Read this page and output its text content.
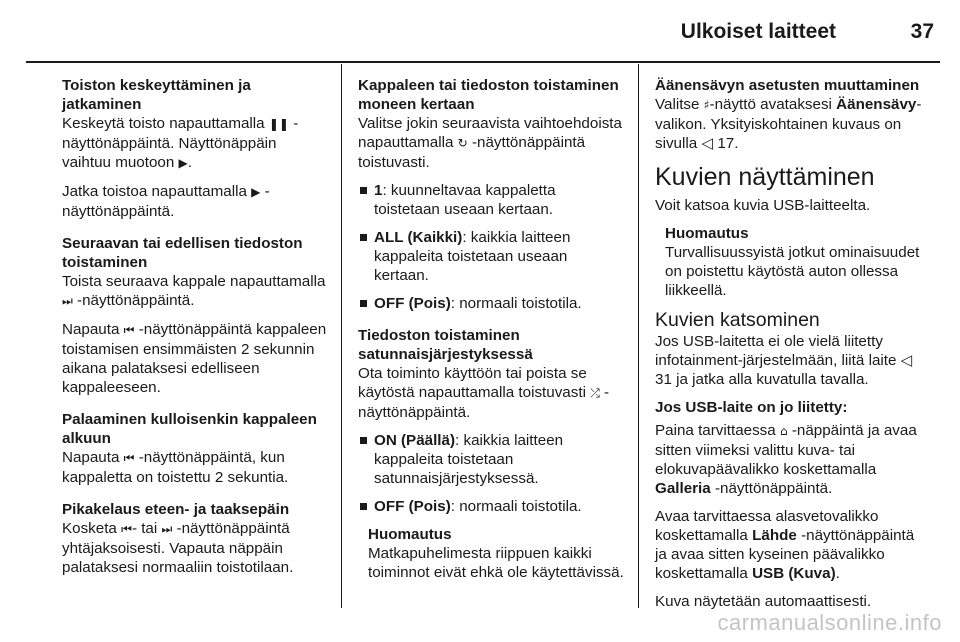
Ulkoiset laitteet	37
Toiston keskeyttäminen ja jatkaminen

Keskeytä toisto napauttamalla ❚❚ -näyttönäppäintä. Näyttönäppäin vaihtuu muotoon ▶.

Jatka toistoa napauttamalla ▶ -näyttönäppäintä.

Seuraavan tai edellisen tiedoston toistaminen

Toista seuraava kappale napauttamalla ⏭ -näyttönäppäintä.

Napauta ⏮ -näyttönäppäintä kappaleen toistamisen ensimmäisten 2 sekunnin aikana palataksesi edelliseen kappaleeseen.

Palaaminen kulloisenkin kappaleen alkuun

Napauta ⏮ -näyttönäppäintä, kun kappaletta on toistettu 2 sekuntia.

Pikakelaus eteen- ja taaksepäin

Kosketa ⏮- tai ⏭ -näyttönäppäintä yhtäjaksoisesti. Vapauta näppäin palataksesi normaaliin toistotilaan.

Kappaleen tai tiedoston toistaminen moneen kertaan

Valitse jokin seuraavista vaihtoehdoista napauttamalla ↻ -näyttönäppäintä toistuvasti.

1: kuunneltavaa kappaletta toistetaan useaan kertaan.
ALL (Kaikki): kaikkia laitteen kappaleita toistetaan useaan kertaan.
OFF (Pois): normaali toistotila.
Tiedoston toistaminen satunnaisjärjestyksessä

Ota toiminto käyttöön tai poista se käytöstä napauttamalla toistuvasti ⤮ -näyttönäppäintä.

ON (Päällä): kaikkia laitteen kappaleita toistetaan satunnaisjärjestyksessä.
OFF (Pois): normaali toistotila.
Huomautus

Matkapuhelimesta riippuen kaikki toiminnot eivät ehkä ole käytettävissä.

Äänensävyn asetusten muuttaminen

Valitse ♯-näyttö avataksesi Äänensävy-valikon. Yksityiskohtainen kuvaus on sivulla ◁ 17.

Kuvien näyttäminen

Voit katsoa kuvia USB-laitteelta.

Huomautus

Turvallisuussyistä jotkut ominaisuudet on poistettu käytöstä auton ollessa liikkeellä.

Kuvien katsominen

Jos USB-laitetta ei ole vielä liitetty infotainment-järjestelmään, liitä laite ◁ 31 ja jatka alla kuvatulla tavalla.

Jos USB-laite on jo liitetty:

Paina tarvittaessa ⌂ -näppäintä ja avaa sitten viimeksi valittu kuva- tai elokuvapäävalikko koskettamalla Galleria -näyttönäppäintä.

Avaa tarvittaessa alasvetovalikko koskettamalla Lähde -näyttönäppäintä ja avaa sitten kyseinen päävalikko koskettamalla USB (Kuva).

Kuva näytetään automaattisesti.

carmanualsonline.info
